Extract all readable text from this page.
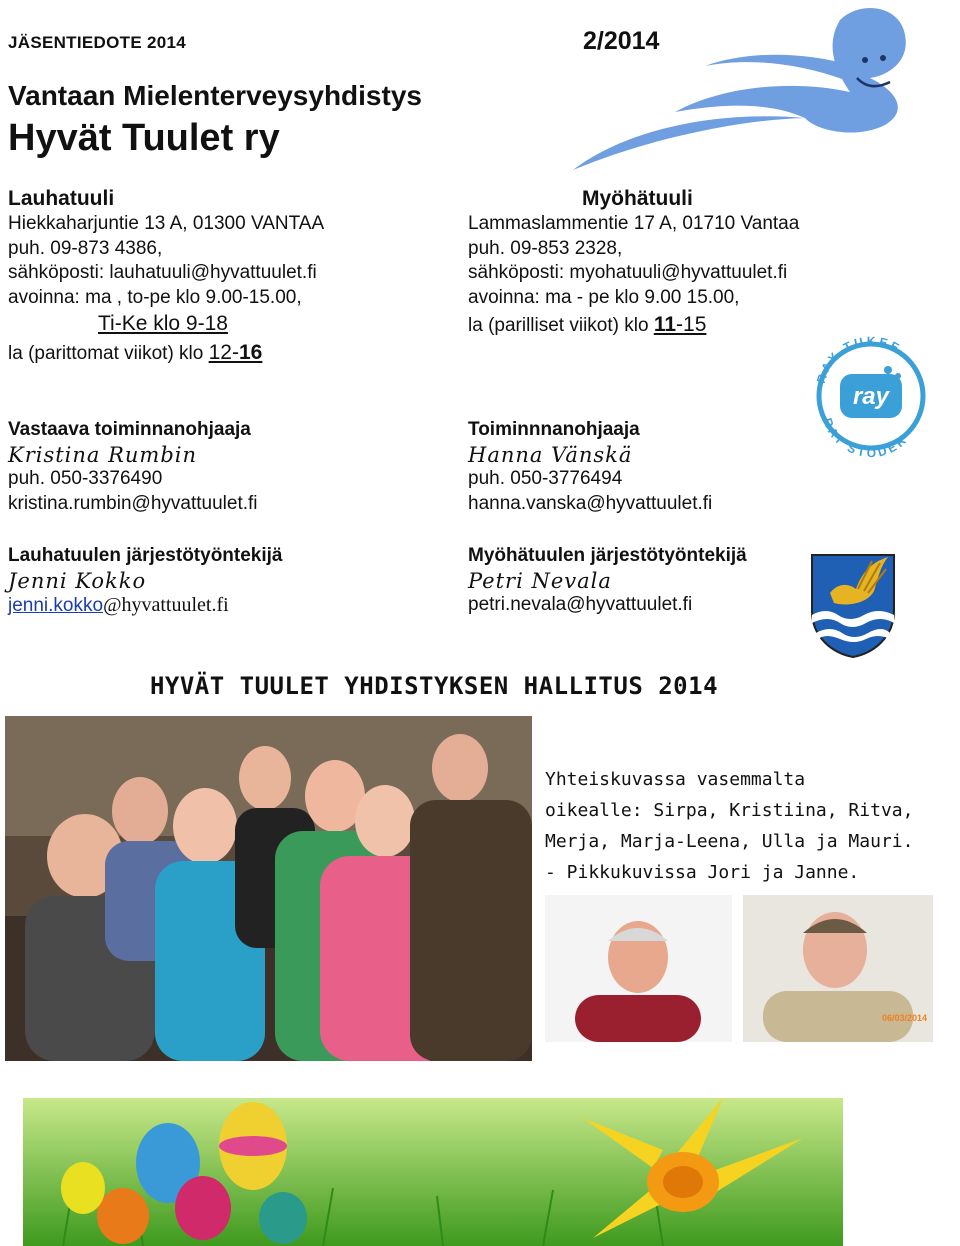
JÄSENTIEDOTE 2014	2/2014
Vantaan Mielenterveysyhdistys
Hyvät Tuulet ry
Lauhatuuli
Hiekkaharjuntie 13 A, 01300 VANTAA
puh. 09-873 4386,
sähköposti: lauhatuuli@hyvattuulet.fi
avoinna: ma , to-pe klo 9.00-15.00,
Ti-Ke klo 9-18
la (parittomat viikot) klo 12-16
Myöhätuuli
Lammaslammentie 17 A, 01710 Vantaa
puh. 09-853 2328,
sähköposti: myohatuuli@hyvattuulet.fi
avoinna: ma - pe klo 9.00 15.00,
la (parilliset viikot) klo 11-15
RAY TUKEE
RAY STÖDER
ray
Vastaava toiminnanohjaaja
Kristina Rumbin
puh. 050-3376490
kristina.rumbin@hyvattuulet.fi
Toiminnnanohjaaja
Hanna Vänskä
puh. 050-3776494
hanna.vanska@hyvattuulet.fi
Lauhatuulen järjestötyöntekijä
Jenni Kokko
jenni.kokko@hyvattuulet.fi
Myöhätuulen järjestötyöntekijä
Petri Nevala
petri.nevala@hyvattuulet.fi
HYVÄT TUULET YHDISTYKSEN HALLITUS 2014
Yhteiskuvassa vasemmalta
oikealle: Sirpa, Kristiina, Ritva,
Merja, Marja-Leena, Ulla ja Mauri.
- Pikkukuvissa Jori ja Janne.
06/03/2014
